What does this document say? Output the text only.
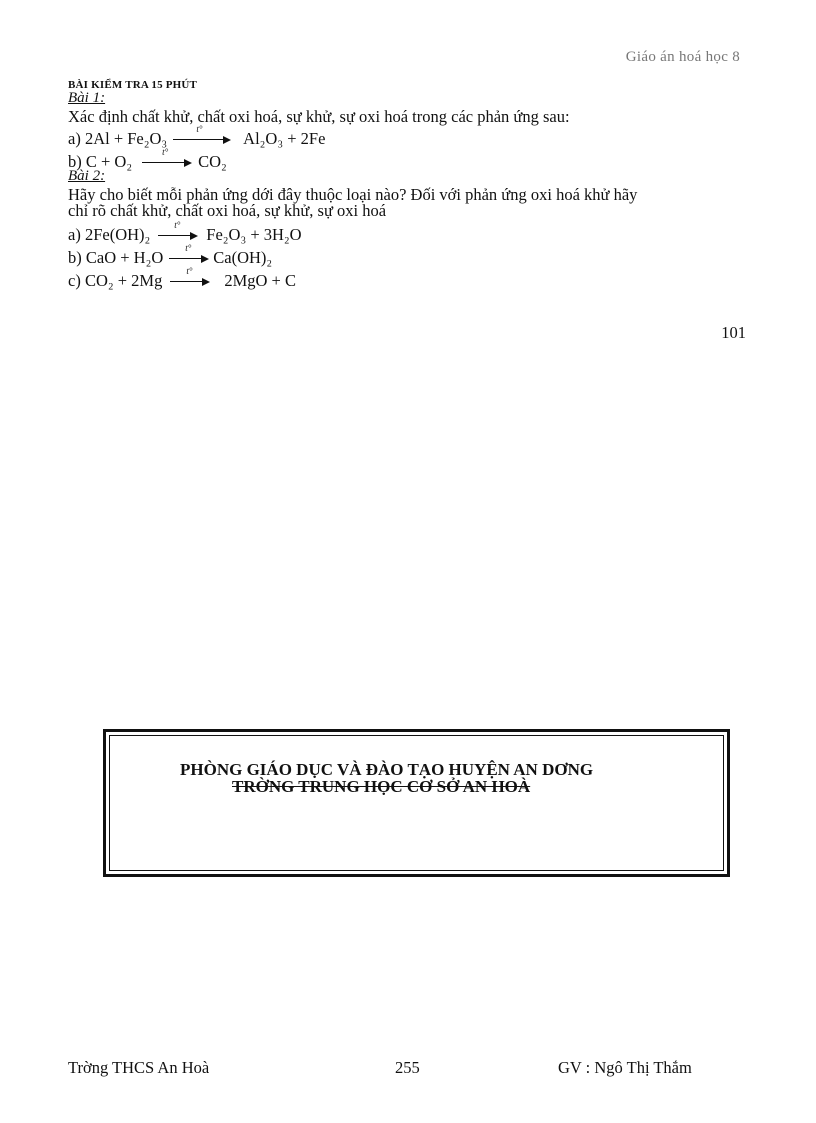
Giáo án hoá học 8
BÀI KIỂM TRA 15 PHÚT
Bài 1:
Xác định chất khử, chất oxi hoá, sự khử, sự oxi hoá trong các phản ứng sau:
a) 2Al + Fe₂O₃	t° Al₂O₃ + 2Fe
b) C + O₂	t° CO₂
Bài 2:
Hãy cho biết mỗi phản ứng dới đây thuộc loại nào? Đối với phản ứng oxi hoá khử hãy
chỉ rõ chất khử, chất oxi hoá, sự khử, sự oxi hoá
a) 2Fe(OH)₂	t° Fe₂O₃ + 3H₂O
b) CaO + H₂O t° Ca(OH)₂
c) CO₂ + 2Mg	t° 2MgO + C
101
PHÒNG GIÁO DỤC VÀ ĐÀO TẠO HUYỆN AN DƠNG
TRỜNG TRUNG HỌC CƠ SỞ AN HOÀ
Trờng THCS An Hoà	255	GV : Ngô Thị Thắm
